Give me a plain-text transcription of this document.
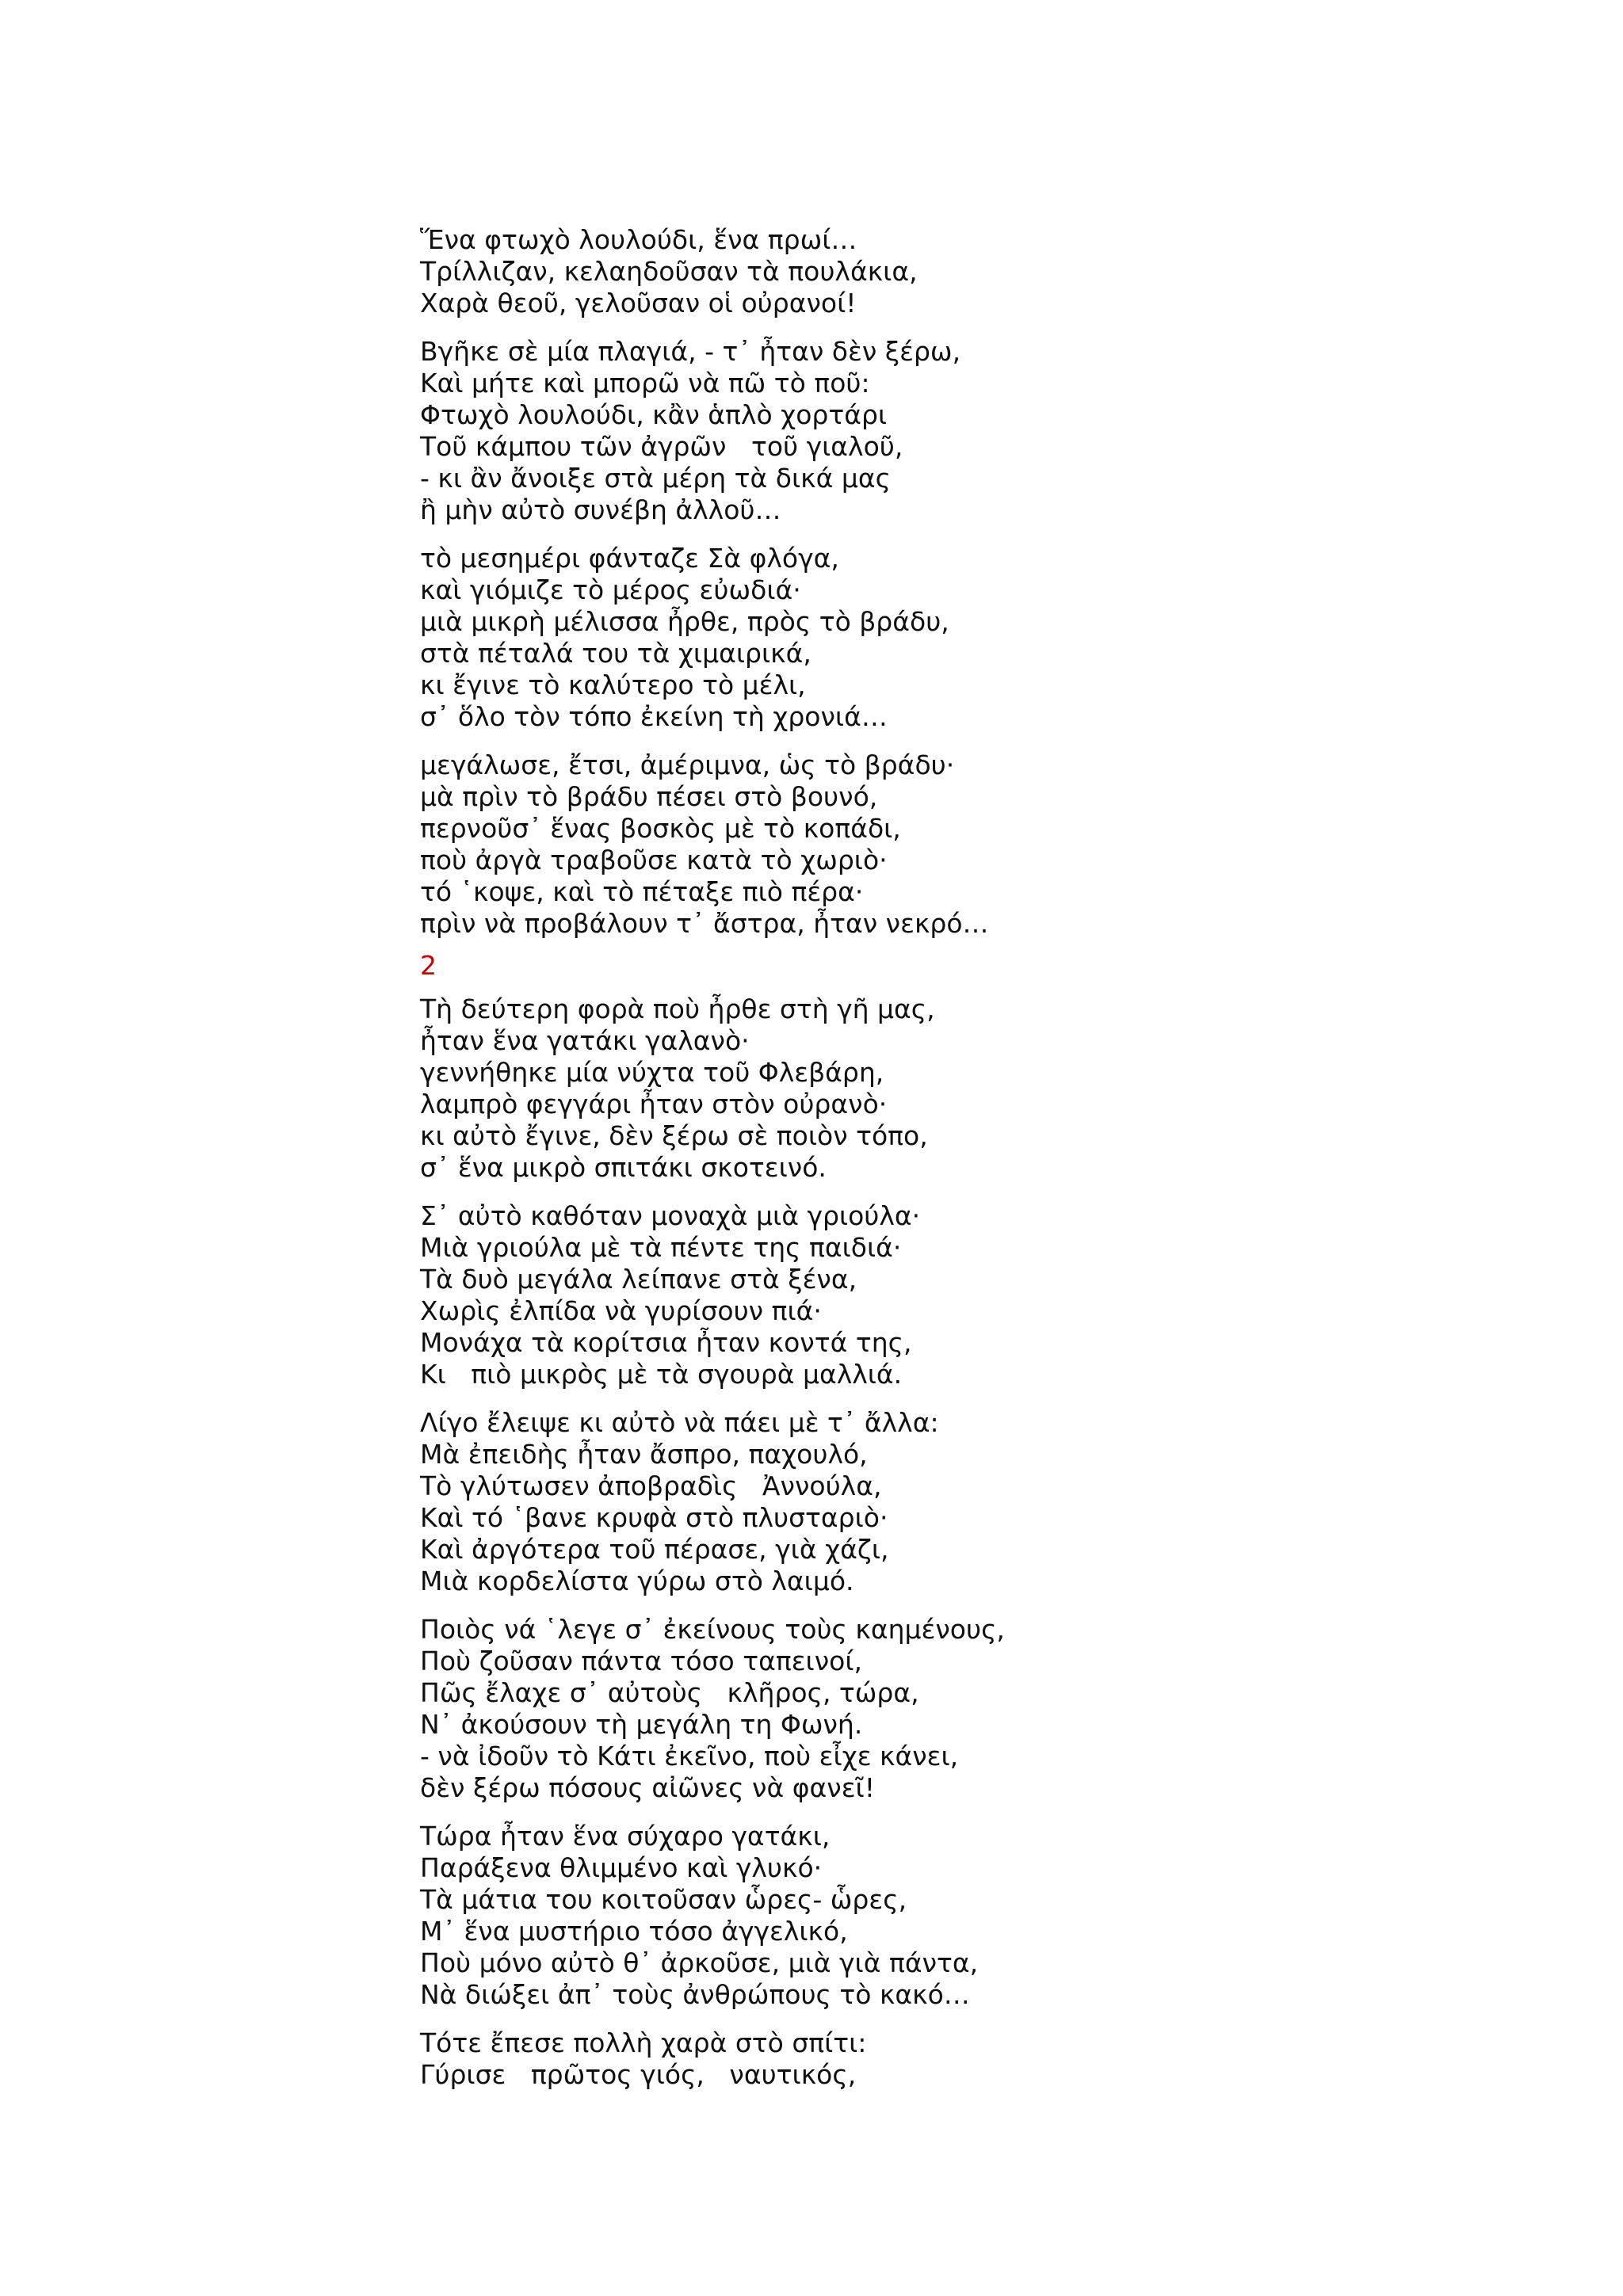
Ἕνα φτωχὸ λουλούδι, ἕνα πρωί…
Τρίλλιζαν, κελαηδοῦσαν τὰ πουλάκια,
Χαρὰ θεοῦ, γελοῦσαν οἱ οὐρανοί!
Βγῆκε σὲ μία πλαγιά, - τ᾽ ἦταν δὲν ξέρω,
Καὶ μήτε καὶ μπορῶ νὰ πῶ τὸ ποῦ:
Φτωχὸ λουλούδι, κἂν ἁπλὸ χορτάρι
Τοῦ κάμπου τῶν ἀγρῶν   τοῦ γιαλοῦ,
- κι ἂν ἄνοιξε στὰ μέρη τὰ δικά μας
ἢ μὴν αὐτὸ συνέβη ἀλλοῦ…
τὸ μεσημέρι φάνταζε Σὰ φλόγα,
καὶ γιόμιζε τὸ μέρος εὐωδιά·
μιὰ μικρὴ μέλισσα ἦρθε, πρὸς τὸ βράδυ,
στὰ πέταλά του τὰ χιμαιρικά,
κι ἔγινε τὸ καλύτερο τὸ μέλι,
σ᾽ ὅλο τὸν τόπο ἐκείνη τὴ χρονιά…
μεγάλωσε, ἔτσι, ἀμέριμνα, ὡς τὸ βράδυ·
μὰ πρὶν τὸ βράδυ πέσει στὸ βουνό,
περνοῦσ᾽ ἕνας βοσκὸς μὲ τὸ κοπάδι,
ποὺ ἀργὰ τραβοῦσε κατὰ τὸ χωριὸ·
τό ῾κοψε, καὶ τὸ πέταξε πιὸ πέρα·
πρὶν νὰ προβάλουν τ᾽ ἄστρα, ἦταν νεκρό…
2
Τὴ δεύτερη φορὰ ποὺ ἦρθε στὴ γῆ μας,
ἦταν ἕνα γατάκι γαλανὸ·
γεννήθηκε μία νύχτα τοῦ Φλεβάρη,
λαμπρὸ φεγγάρι ἦταν στὸν οὐρανὸ·
κι αὐτὸ ἔγινε, δὲν ξέρω σὲ ποιὸν τόπο,
σ᾽ ἕνα μικρὸ σπιτάκι σκοτεινό.
Σ᾽ αὐτὸ καθόταν μοναχὰ μιὰ γριούλα·
Μιὰ γριούλα μὲ τὰ πέντε της παιδιά·
Τὰ δυὸ μεγάλα λείπανε στὰ ξένα,
Χωρὶς ἐλπίδα νὰ γυρίσουν πιά·
Μονάχα τὰ κορίτσια ἦταν κοντά της,
Κι   πιὸ μικρὸς μὲ τὰ σγουρὰ μαλλιά.
Λίγο ἔλειψε κι αὐτὸ νὰ πάει μὲ τ᾽ ἄλλα:
Μὰ ἐπειδὴς ἦταν ἄσπρο, παχουλό,
Τὸ γλύτωσεν ἀποβραδὶς   Ἀννούλα,
Καὶ τό ῾βανε κρυφὰ στὸ πλυσταριὸ·
Καὶ ἀργότερα τοῦ πέρασε, γιὰ χάζι,
Μιὰ κορδελίστα γύρω στὸ λαιμό.
Ποιὸς νά ῾λεγε σ᾽ ἐκείνους τοὺς καημένους,
Ποὺ ζοῦσαν πάντα τόσο ταπεινοί,
Πῶς ἔλαχε σ᾽ αὐτοὺς   κλῆρος, τώρα,
Ν᾽ ἀκούσουν τὴ μεγάλη τη Φωνή.
- νὰ ἰδοῦν τὸ Κάτι ἐκεῖνο, ποὺ εἶχε κάνει,
δὲν ξέρω πόσους αἰῶνες νὰ φανεῖ!
Τώρα ἦταν ἕνα σύχαρο γατάκι,
Παράξενα θλιμμένο καὶ γλυκό·
Τὰ μάτια του κοιτοῦσαν ὧρες- ὧρες,
Μ᾽ ἕνα μυστήριο τόσο ἀγγελικό,
Ποὺ μόνο αὐτὸ θ᾽ ἀρκοῦσε, μιὰ γιὰ πάντα,
Νὰ διώξει ἀπ᾽ τοὺς ἀνθρώπους τὸ κακό…
Τότε ἔπεσε πολλὴ χαρὰ στὸ σπίτι:
Γύρισε   πρῶτος γιός,   ναυτικός,
